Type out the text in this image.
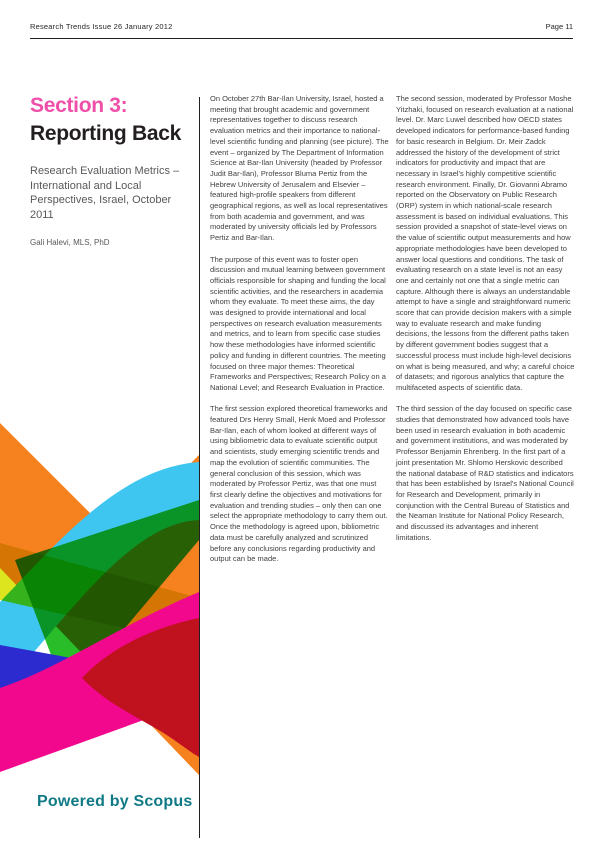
Research Trends Issue 26 January 2012	Page 11
Section 3:
Reporting Back
Research Evaluation Metrics – International and Local Perspectives, Israel, October 2011
Gali Halevi, MLS, PhD

On October 27th Bar-Ilan University, Israel, hosted a meeting that brought academic and government representatives together to discuss research evaluation metrics and their importance to national-level scientific funding and planning (see picture). The event – organized by The Department of Information Science at Bar-Ilan University (headed by Professor Judit Bar-Ilan), Professor Bluma Pertiz from the Hebrew University of Jerusalem and Elsevier – featured high-profile speakers from different geographical regions, as well as local representatives from both academia and government, and was moderated by university officials led by Professors Pertiz and Bar-Ilan.

The purpose of this event was to foster open discussion and mutual learning between government officials responsible for shaping and funding the local scientific activities, and the researchers in academia whom they evaluate. To meet these aims, the day was designed to provide international and local perspectives on research evaluation measurements and metrics, and to learn from specific case studies how these methodologies have informed scientific policy and funding in different countries. The meeting focused on three major themes: Theoretical Frameworks and Perspectives; Research Policy on a National Level; and Research Evaluation in Practice.

The first session explored theoretical frameworks and featured Drs Henry Small, Henk Moed and Professor Bar-Ilan, each of whom looked at different ways of using bibliometric data to evaluate scientific output and scientists, study emerging scientific trends and map the evolution of scientific communities. The general conclusion of this session, which was moderated by Professor Pertiz, was that one must first clearly define the objectives and motivations for evaluation and trending studies – only then can one select the appropriate methodology to carry them out. Once the methodology is agreed upon, bibliometric data must be carefully analyzed and scrutinized before any conclusions regarding productivity and output can be made.

The second session, moderated by Professor Moshe Yitzhaki, focused on research evaluation at a national level. Dr. Marc Luwel described how OECD states developed indicators for performance-based funding for basic research in Belgium. Dr. Meir Zadck addressed the history of the development of strict indicators for productivity and impact that are necessary in Israel's highly competitive scientific research environment. Finally, Dr. Giovanni Abramo reported on the Observatory on Public Research (ORP) system in which national-scale research assessment is based on individual evaluations. This session provided a snapshot of state-level views on the value of scientific output measurements and how appropriate methodologies have been developed to answer local questions and conditions. The task of evaluating research on a state level is not an easy one and certainly not one that a single metric can capture. Although there is always an understandable attempt to have a single and straightforward numeric score that can provide decision makers with a simple way to evaluate research and make funding decisions, the lessons from the different paths taken by different government bodies suggest that a successful process must include high-level decisions on what is being measured, and why; a careful choice of datasets; and rigorous analytics that capture the multifaceted aspects of scientific data.

The third session of the day focused on specific case studies that demonstrated how advanced tools have been used in research evaluation in both academic and government institutions, and was moderated by Professor Benjamin Ehrenberg. In the first part of a joint presentation Mr. Shlomo Herskovic described the national database of R&D statistics and indicators that has been established by Israel's National Council for Research and Development, primarily in conjunction with the Central Bureau of Statistics and the Neaman Institute for National Policy Research, and discussed its advantages and inherent limitations.

Powered by Scopus
